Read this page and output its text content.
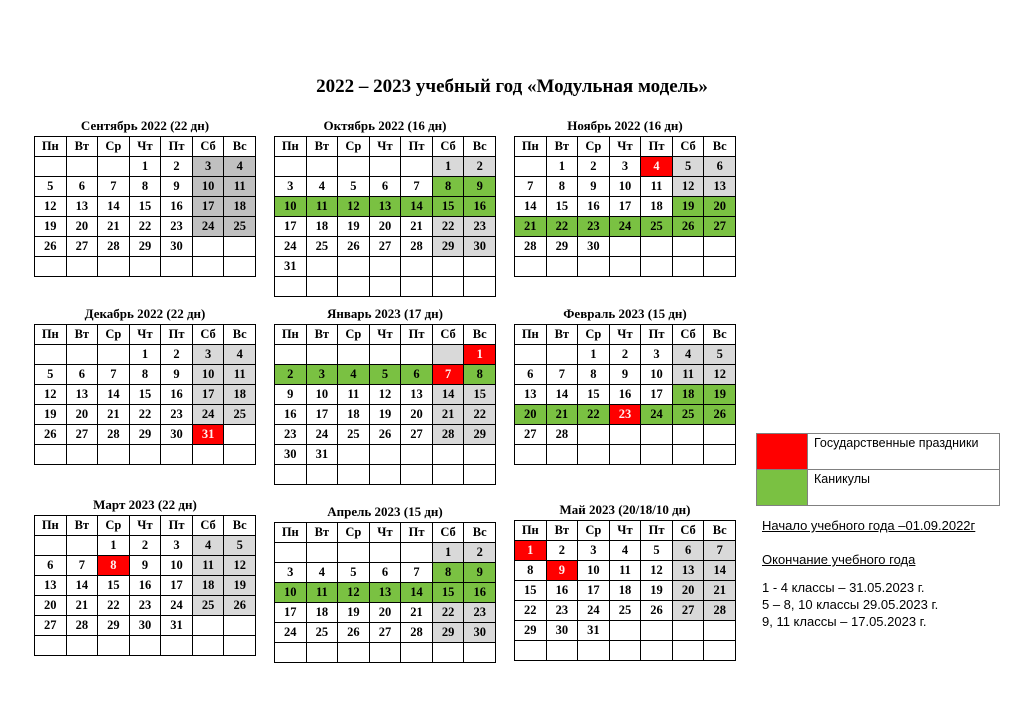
2022 – 2023 учебный год «Модульная модель»
Сентябрь 2022 (22 дн)
Пн	Вт	Ср	Чт	Пт	Сб	Вс
			1	2	3	4
5	6	7	8	9	10	11
12	13	14	15	16	17	18
19	20	21	22	23	24	25
26	27	28	29	30		

Октябрь 2022 (16 дн)
Пн	Вт	Ср	Чт	Пт	Сб	Вс
					1	2
3	4	5	6	7	8	9
10	11	12	13	14	15	16
17	18	19	20	21	22	23
24	25	26	27	28	29	30
31						

Ноябрь 2022 (16 дн)
Пн	Вт	Ср	Чт	Пт	Сб	Вс
	1	2	3	4	5	6
7	8	9	10	11	12	13
14	15	16	17	18	19	20
21	22	23	24	25	26	27
28	29	30				

Декабрь 2022 (22 дн)
Пн	Вт	Ср	Чт	Пт	Сб	Вс
			1	2	3	4
5	6	7	8	9	10	11
12	13	14	15	16	17	18
19	20	21	22	23	24	25
26	27	28	29	30	31	

Январь 2023 (17 дн)
Пн	Вт	Ср	Чт	Пт	Сб	Вс
						1
2	3	4	5	6	7	8
9	10	11	12	13	14	15
16	17	18	19	20	21	22
23	24	25	26	27	28	29
30	31					

Февраль 2023 (15 дн)
Пн	Вт	Ср	Чт	Пт	Сб	Вс
		1	2	3	4	5
6	7	8	9	10	11	12
13	14	15	16	17	18	19
20	21	22	23	24	25	26
27	28					

Март 2023 (22 дн)
Пн	Вт	Ср	Чт	Пт	Сб	Вс
		1	2	3	4	5
6	7	8	9	10	11	12
13	14	15	16	17	18	19
20	21	22	23	24	25	26
27	28	29	30	31		

Апрель 2023 (15 дн)
Пн	Вт	Ср	Чт	Пт	Сб	Вс
					1	2
3	4	5	6	7	8	9
10	11	12	13	14	15	16
17	18	19	20	21	22	23
24	25	26	27	28	29	30

Май 2023 (20/18/10 дн)
Пн	Вт	Ср	Чт	Пт	Сб	Вс
1	2	3	4	5	6	7
8	9	10	11	12	13	14
15	16	17	18	19	20	21
22	23	24	25	26	27	28
29	30	31				

	Государственные праздники
	Каникулы
Начало учебного года –01.09.2022г
Окончание учебного года
1 - 4 классы – 31.05.2023 г.
5 – 8, 10 классы 29.05.2023 г.
9, 11 классы – 17.05.2023 г.
